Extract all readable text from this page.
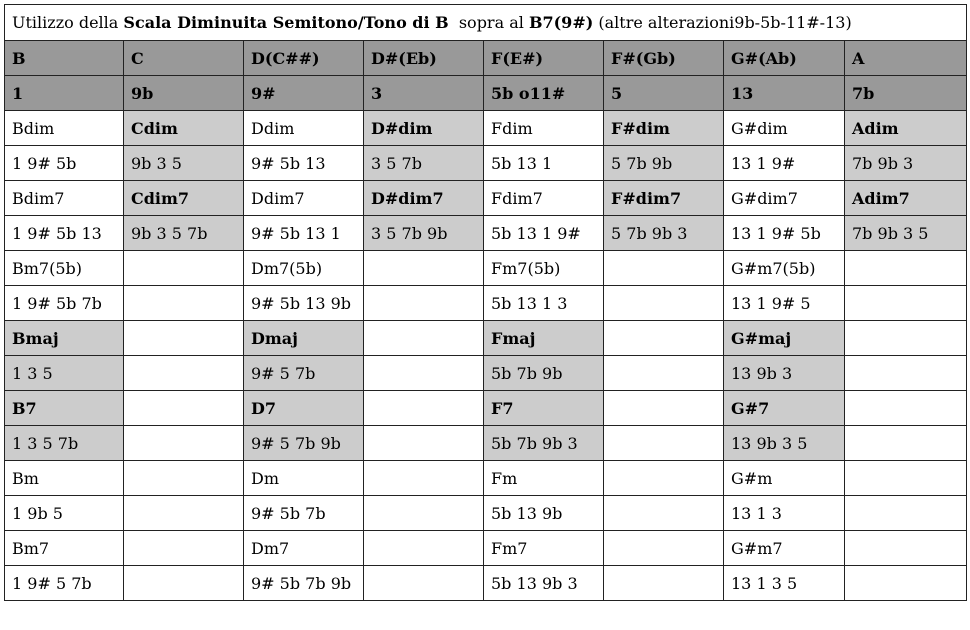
Utilizzo della Scala Diminuita Semitono/Tono di B  sopra al B7(9#) (altre alterazioni9b-5b-11#-13)							
B	C	D(C##)	D#(Eb)	F(E#)	F#(Gb)	G#(Ab)	A
1	9b	9#	3	5b o11#	5	13	7b
Bdim	Cdim	Ddim	D#dim	Fdim	F#dim	G#dim	Adim
1 9# 5b	9b 3 5	9# 5b 13	3 5 7b	5b 13 1	5 7b 9b	13 1 9#	7b 9b 3
Bdim7	Cdim7	Ddim7	D#dim7	Fdim7	F#dim7	G#dim7	Adim7
1 9# 5b 13	9b 3 5 7b	9# 5b 13 1	3 5 7b 9b	5b 13 1 9#	5 7b 9b 3	13 1 9# 5b	7b 9b 3 5
Bm7(5b)		Dm7(5b)		Fm7(5b)		G#m7(5b)	
1 9# 5b 7b		9# 5b 13 9b		5b 13 1 3		13 1 9# 5	
Bmaj		Dmaj		Fmaj		G#maj	
1 3 5		9# 5 7b		5b 7b 9b		13 9b 3	
B7		D7		F7		G#7	
1 3 5 7b		9# 5 7b 9b		5b 7b 9b 3		13 9b 3 5	
Bm		Dm		Fm		G#m	
1 9b 5		9# 5b 7b		5b 13 9b		13 1 3	
Bm7		Dm7		Fm7		G#m7	
1 9# 5 7b		9# 5b 7b 9b		5b 13 9b 3		13 1 3 5	
